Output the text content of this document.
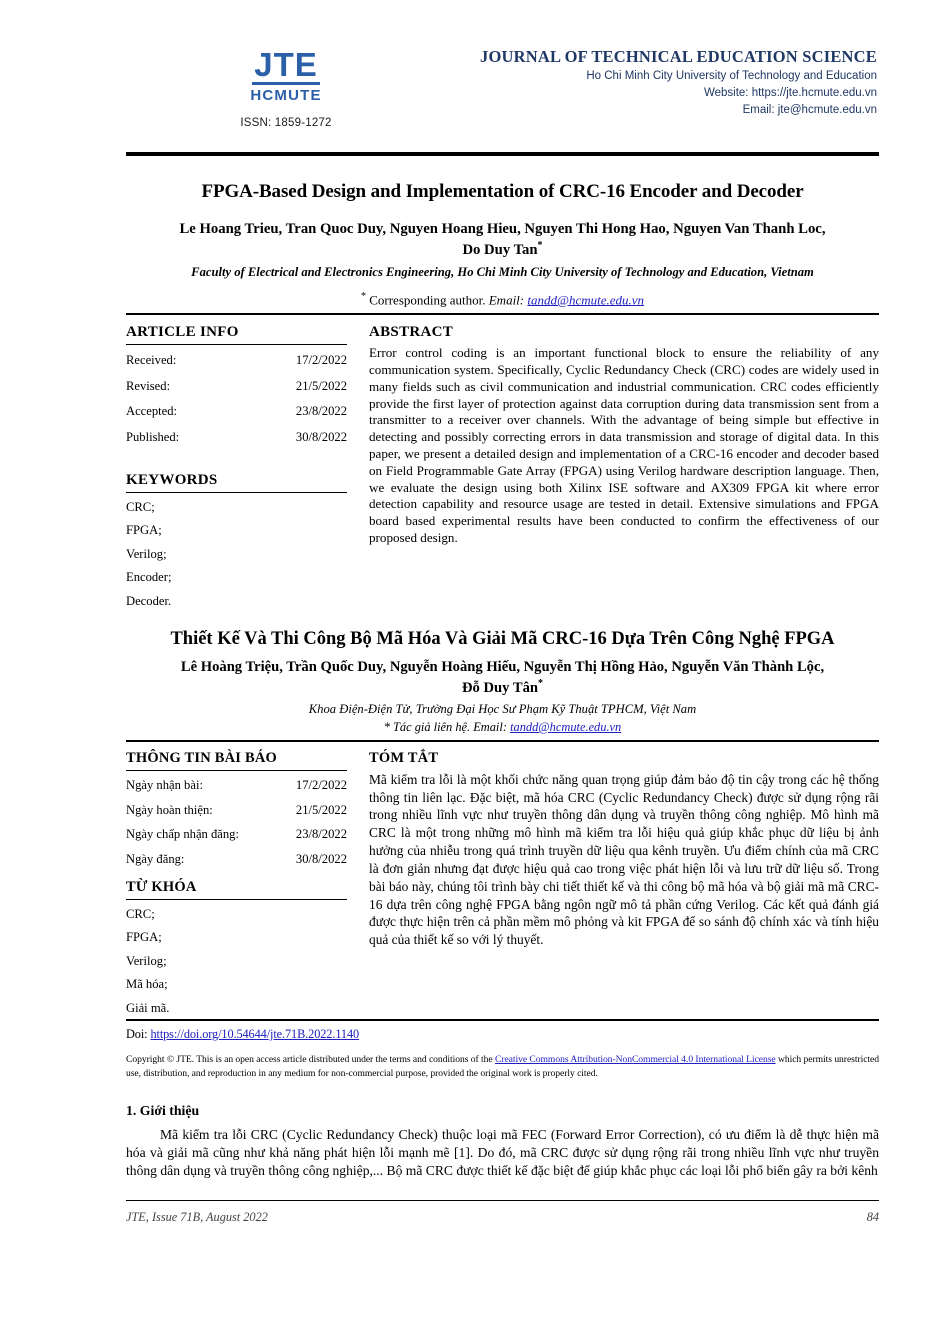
JTE
HCMUTE
ISSN: 1859-1272
JOURNAL OF TECHNICAL EDUCATION SCIENCE
Ho Chi Minh City University of Technology and Education
Website: https://jte.hcmute.edu.vn
Email: jte@hcmute.edu.vn
FPGA-Based Design and Implementation of CRC-16 Encoder and Decoder
Le Hoang Trieu, Tran Quoc Duy, Nguyen Hoang Hieu, Nguyen Thi Hong Hao, Nguyen Van Thanh Loc,
Do Duy Tan*
Faculty of Electrical and Electronics Engineering, Ho Chi Minh City University of Technology and Education, Vietnam
* Corresponding author. Email: tandd@hcmute.edu.vn
ARTICLE INFO
Received:	17/2/2022
Revised:	21/5/2022
Accepted:	23/8/2022
Published:	30/8/2022
KEYWORDS
CRC;
FPGA;
Verilog;
Encoder;
Decoder.
ABSTRACT
Error control coding is an important functional block to ensure the reliability of any communication system. Specifically, Cyclic Redundancy Check (CRC) codes are widely used in many fields such as civil communication and industrial communication. CRC codes efficiently provide the first layer of protection against data corruption during data transmission sent from a transmitter to a receiver over channels. With the advantage of being simple but effective in detecting and possibly correcting errors in data transmission and storage of digital data. In this paper, we present a detailed design and implementation of a CRC-16 encoder and decoder based on Field Programmable Gate Array (FPGA) using Verilog hardware description language. Then, we evaluate the design using both Xilinx ISE software and AX309 FPGA kit where error detection capability and resource usage are tested in detail. Extensive simulations and FPGA board based experimental results have been conducted to confirm the effectiveness of our proposed design.
Thiết Kế Và Thi Công Bộ Mã Hóa Và Giải Mã CRC-16 Dựa Trên Công Nghệ FPGA
Lê Hoàng Triệu, Trần Quốc Duy, Nguyễn Hoàng Hiếu, Nguyễn Thị Hồng Hảo, Nguyễn Văn Thành Lộc,
Đỗ Duy Tân*
Khoa Điện-Điện Tử, Trường Đại Học Sư Phạm Kỹ Thuật TPHCM, Việt Nam
* Tác giả liên hệ. Email: tandd@hcmute.edu.vn
THÔNG TIN BÀI BÁO
Ngày nhận bài:	17/2/2022
Ngày hoàn thiện:	21/5/2022
Ngày chấp nhận đăng:	23/8/2022
Ngày đăng:	30/8/2022
TỪ KHÓA
CRC;
FPGA;
Verilog;
Mã hóa;
Giải mã.
TÓM TẮT
Mã kiểm tra lỗi là một khối chức năng quan trọng giúp đảm bảo độ tin cậy trong các hệ thống thông tin liên lạc. Đặc biệt, mã hóa CRC (Cyclic Redundancy Check) được sử dụng rộng rãi trong nhiều lĩnh vực như truyền thông dân dụng và truyền thông công nghiệp. Mô hình mã CRC là một trong những mô hình mã kiểm tra lỗi hiệu quả giúp khắc phục dữ liệu bị ảnh hưởng của nhiễu trong quá trình truyền dữ liệu qua kênh truyền. Ưu điểm chính của mã CRC là đơn giản nhưng đạt được hiệu quả cao trong việc phát hiện lỗi và lưu trữ dữ liệu số. Trong bài báo này, chúng tôi trình bày chi tiết thiết kế và thi công bộ mã hóa và bộ giải mã mã CRC-16 dựa trên công nghệ FPGA bằng ngôn ngữ mô tả phần cứng Verilog. Các kết quả đánh giá được thực hiện trên cả phần mềm mô phỏng và kit FPGA để so sánh độ chính xác và tính hiệu quả của thiết kế so với lý thuyết.
Doi: https://doi.org/10.54644/jte.71B.2022.1140
Copyright © JTE. This is an open access article distributed under the terms and conditions of the Creative Commons Attribution-NonCommercial 4.0 International License which permits unrestricted use, distribution, and reproduction in any medium for non-commercial purpose, provided the original work is properly cited.
1. Giới thiệu
Mã kiểm tra lỗi CRC (Cyclic Redundancy Check) thuộc loại mã FEC (Forward Error Correction), có ưu điểm là dễ thực hiện mã hóa và giải mã cũng như khả năng phát hiện lỗi mạnh mẽ [1]. Do đó, mã CRC được sử dụng rộng rãi trong nhiều lĩnh vực như truyền thông dân dụng và truyền thông công nghiệp,... Bộ mã CRC được thiết kế đặc biệt để giúp khắc phục các loại lỗi phổ biến gây ra bởi kênh
JTE, Issue 71B, August 2022	84
